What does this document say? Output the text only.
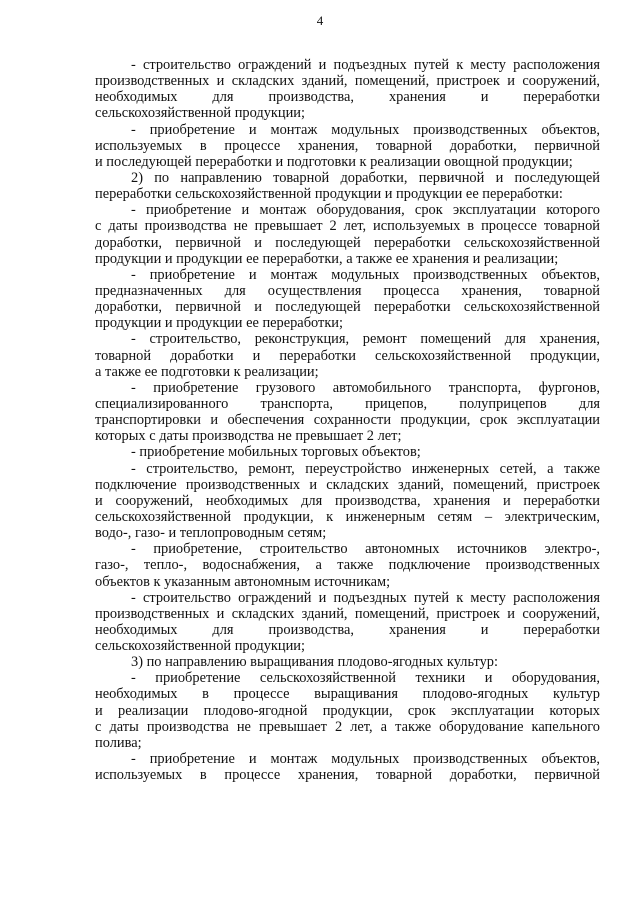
4
- строительство ограждений и подъездных путей к месту расположения
производственных и складских зданий, помещений, пристроек и сооружений,
необходимых для производства, хранения и переработки
сельскохозяйственной продукции;
- приобретение и монтаж модульных производственных объектов,
используемых в процессе хранения, товарной доработки, первичной
и последующей переработки и подготовки к реализации овощной продукции;
2) по направлению товарной доработки, первичной и последующей
переработки сельскохозяйственной продукции и продукции ее переработки:
- приобретение и монтаж оборудования, срок эксплуатации которого
с даты производства не превышает 2 лет, используемых в процессе товарной
доработки, первичной и последующей переработки сельскохозяйственной
продукции и продукции ее переработки, а также ее хранения и реализации;
- приобретение и монтаж модульных производственных объектов,
предназначенных для осуществления процесса хранения, товарной
доработки, первичной и последующей переработки сельскохозяйственной
продукции и продукции ее переработки;
- строительство, реконструкция, ремонт помещений для хранения,
товарной доработки и переработки сельскохозяйственной продукции,
а также ее подготовки к реализации;
- приобретение грузового автомобильного транспорта, фургонов,
специализированного транспорта, прицепов, полуприцепов для
транспортировки и обеспечения сохранности продукции, срок эксплуатации
которых с даты производства не превышает 2 лет;
- приобретение мобильных торговых объектов;
- строительство, ремонт, переустройство инженерных сетей, а также
подключение производственных и складских зданий, помещений, пристроек
и сооружений, необходимых для производства, хранения и переработки
сельскохозяйственной продукции, к инженерным сетям – электрическим,
водо-, газо- и теплопроводным сетям;
- приобретение, строительство автономных источников электро-,
газо-, тепло-, водоснабжения, а также подключение производственных
объектов к указанным автономным источникам;
- строительство ограждений и подъездных путей к месту расположения
производственных и складских зданий, помещений, пристроек и сооружений,
необходимых для производства, хранения и переработки
сельскохозяйственной продукции;
3) по направлению выращивания плодово-ягодных культур:
- приобретение сельскохозяйственной техники и оборудования,
необходимых в процессе выращивания плодово-ягодных культур
и реализации плодово-ягодной продукции, срок эксплуатации которых
с даты производства не превышает 2 лет, а также оборудование капельного
полива;
- приобретение и монтаж модульных производственных объектов,
используемых в процессе хранения, товарной доработки, первичной
